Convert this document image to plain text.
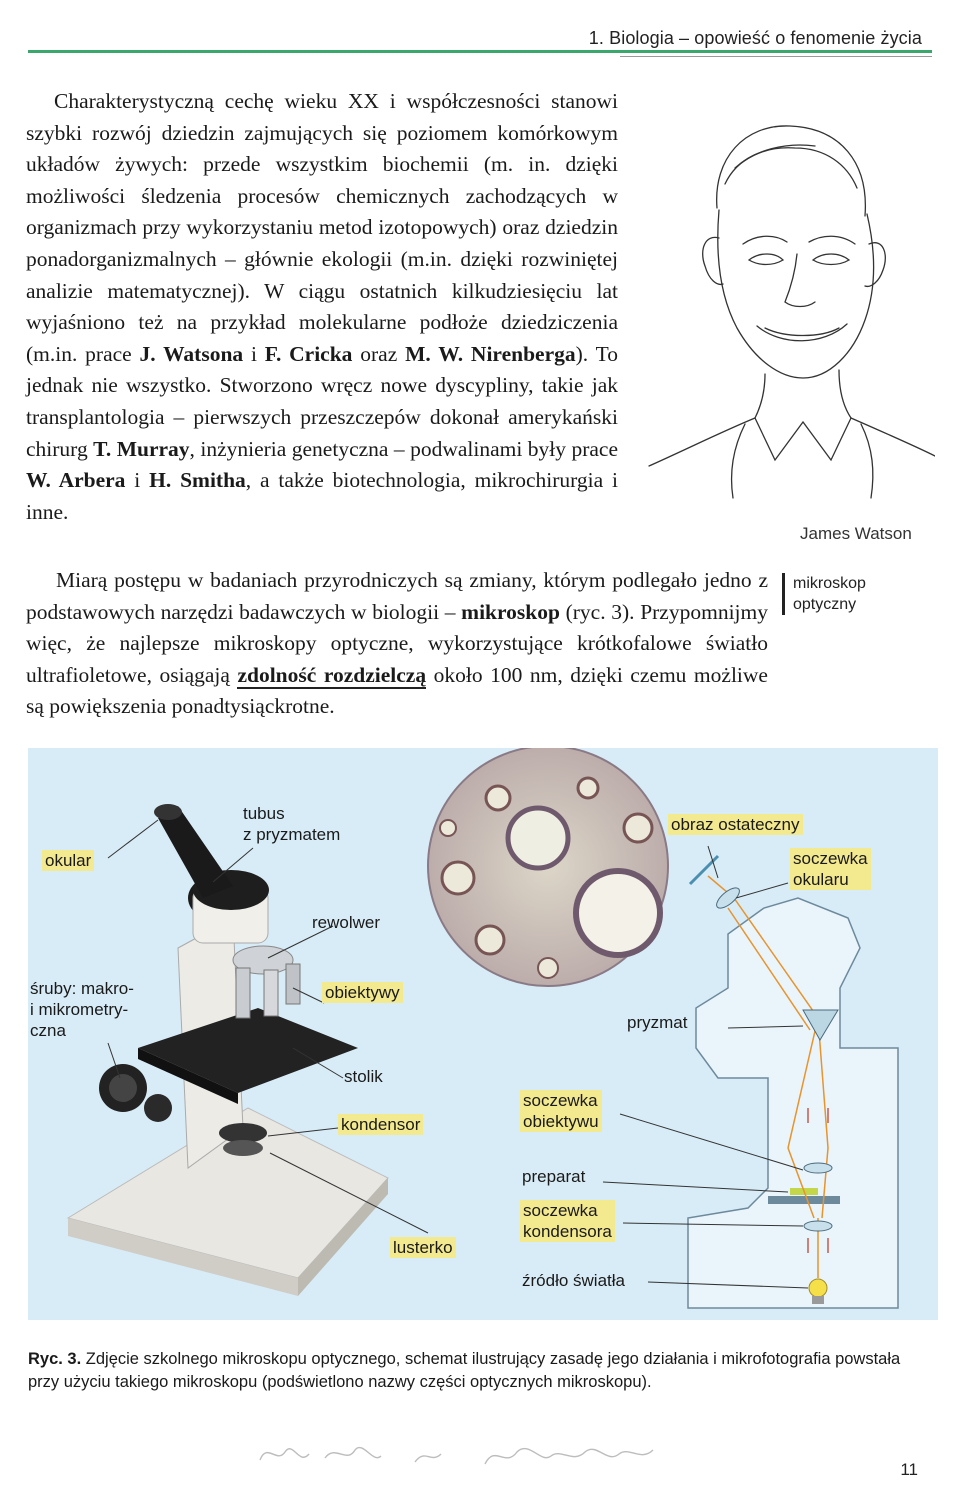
1. Biologia – opowieść o fenomenie życia

Charakterystyczną cechę wieku XX i współczesności stanowi szybki rozwój dziedzin zajmujących się poziomem komórkowym układów żywych: przede wszystkim biochemii (m. in. dzięki możliwości śledzenia procesów chemicznych zachodzących w organizmach przy wykorzystaniu metod izotopowych) oraz dziedzin ponadorganizmalnych – głównie ekologii (m.in. dzięki rozwiniętej analizie matematycznej). W ciągu ostatnich kilkudziesięciu lat wyjaśniono też na przykład molekularne podłoże dziedziczenia (m.in. prace J. Watsona i F. Cricka oraz M. W. Nirenberga). To jednak nie wszystko. Stworzono wręcz nowe dyscypliny, takie jak transplantologia – pierwszych przeszczepów dokonał amerykański chirurg T. Murray, inżynieria genetyczna – podwalinami były prace W. Arbera i H. Smitha, a także biotechnologia, mikrochirurgia i inne.

Miarą postępu w badaniach przyrodniczych są zmiany, którym podlegało jedno z podstawowych narzędzi badawczych w biologii – mikroskop (ryc. 3). Przypomnijmy więc, że najlepsze mikroskopy optyczne, wykorzystujące krótkofalowe światło ultrafioletowe, osiągają zdolność rozdzielczą około 100 nm, dzięki czemu możliwe są powiększenia ponadtysiąckrotne.

James Watson
mikroskop
optyczny
okular
tubus
z pryzmatem
rewolwer
śruby: makro-
i mikrometry-
czna
obiektywy
stolik
kondensor
lusterko
obraz ostateczny
soczewka
okularu
pryzmat
soczewka
obiektywu
preparat
soczewka
kondensora
źródło światła
Ryc. 3. Zdjęcie szkolnego mikroskopu optycznego, schemat ilustrujący zasadę jego działania i mikrofotografia powstała przy użyciu takiego mikroskopu (podświetlono nazwy części optycznych mikroskopu).
11
